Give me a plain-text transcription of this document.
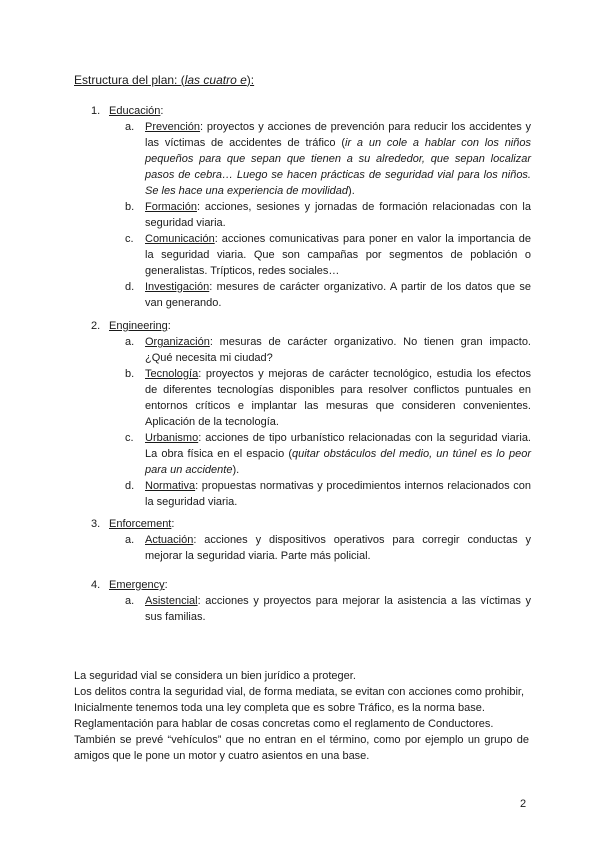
Estructura del plan: (las cuatro e):
1. Educación:
a. Prevención: proyectos y acciones de prevención para reducir los accidentes y las víctimas de accidentes de tráfico (ir a un cole a hablar con los niños pequeños para que sepan que tienen a su alrededor, que sepan localizar pasos de cebra… Luego se hacen prácticas de seguridad vial para los niños. Se les hace una experiencia de movilidad).
b. Formación: acciones, sesiones y jornadas de formación relacionadas con la seguridad viaria.
c. Comunicación: acciones comunicativas para poner en valor la importancia de la seguridad viaria. Que son campañas por segmentos de población o generalistas. Trípticos, redes sociales…
d. Investigación: mesures de carácter organizativo. A partir de los datos que se van generando.
2. Engineering:
a. Organización: mesuras de carácter organizativo. No tienen gran impacto. ¿Qué necesita mi ciudad?
b. Tecnología: proyectos y mejoras de carácter tecnológico, estudia los efectos de diferentes tecnologías disponibles para resolver conflictos puntuales en entornos críticos e implantar las mesuras que consideren convenientes. Aplicación de la tecnología.
c. Urbanismo: acciones de tipo urbanístico relacionadas con la seguridad viaria. La obra física en el espacio (quitar obstáculos del medio, un túnel es lo peor para un accidente).
d. Normativa: propuestas normativas y procedimientos internos relacionados con la seguridad viaria.
3. Enforcement:
a. Actuación: acciones y dispositivos operativos para corregir conductas y mejorar la seguridad viaria. Parte más policial.
4. Emergency:
a. Asistencial: acciones y proyectos para mejorar la asistencia a las víctimas y sus familias.
La seguridad vial se considera un bien jurídico a proteger.
Los delitos contra la seguridad vial, de forma mediata, se evitan con acciones como prohibir,
Inicialmente tenemos toda una ley completa que es sobre Tráfico, es la norma base.
Reglamentación para hablar de cosas concretas como el reglamento de Conductores.
También se prevé “vehículos” que no entran en el término, como por ejemplo un grupo de amigos que le pone un motor y cuatro asientos en una base.
2
